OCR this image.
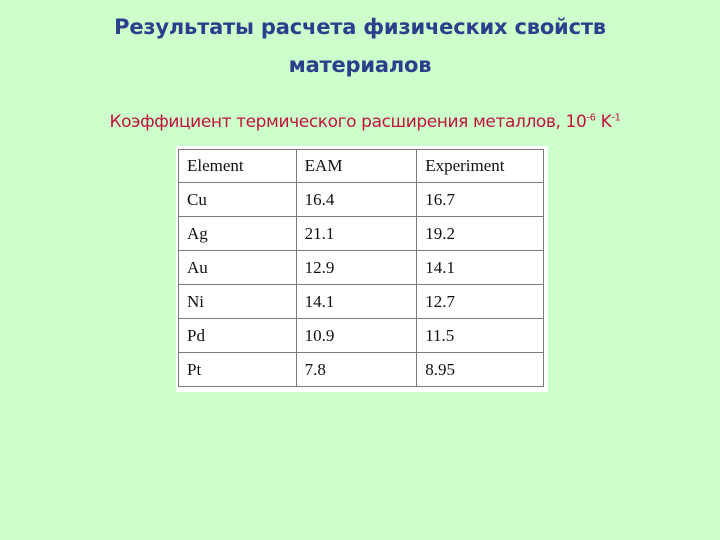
Результаты расчета физических свойств
материалов
Коэффициент термического расширения металлов, $10^{-6}$ $K^{-1}$
Element	EAM	Experiment
Cu	16.4	16.7
Ag	21.1	19.2
Au	12.9	14.1
Ni	14.1	12.7
Pd	10.9	11.5
Pt	7.8	8.95
